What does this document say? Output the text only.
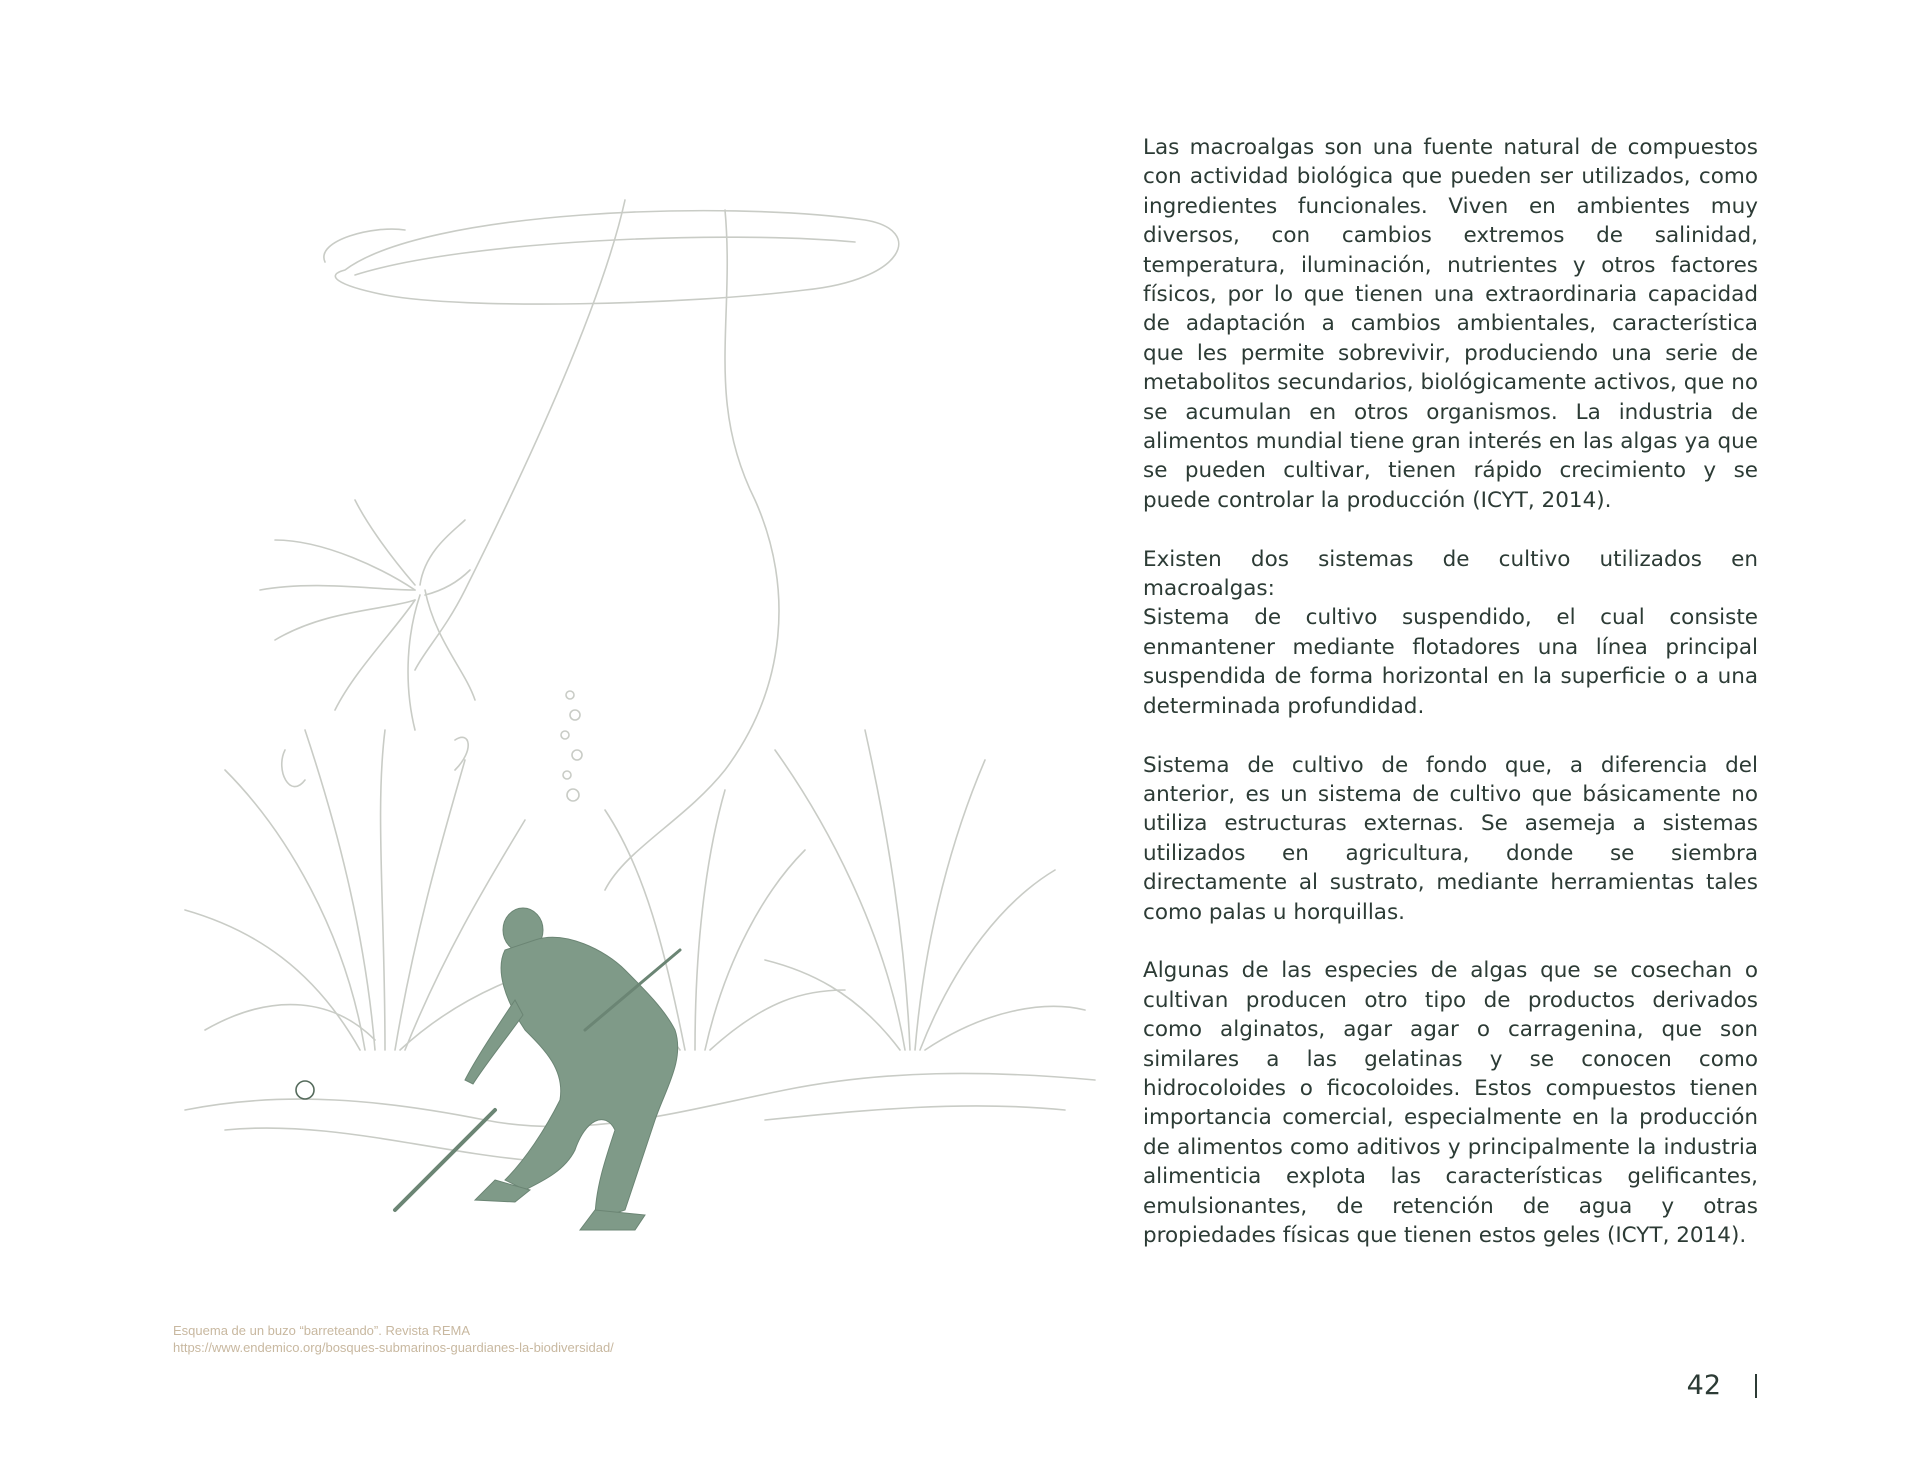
Esquema de un buzo “barreteando”. Revista REMA
https://www.endemico.org/bosques-submarinos-guardianes-la-biodiversidad/

Las macroalgas son una fuente natural de compuestos con actividad biológica que pueden ser utilizados, como ingredientes funcionales. Viven en ambientes muy diversos, con cambios extremos de salinidad, temperatura, iluminación, nutrientes y otros factores físicos, por lo que tienen una extraordinaria capacidad de adaptación a cambios ambientales, característica que les permite sobrevivir, produciendo una serie de metabolitos secundarios, biológicamente activos, que no se acumulan en otros organismos. La industria de alimentos mundial tiene gran interés en las algas ya que se pueden cultivar, tienen rápido crecimiento y se puede controlar la producción (ICYT, 2014).

Existen dos sistemas de cultivo utilizados en macroalgas:

Sistema de cultivo suspendido, el cual consiste enmantener mediante flotadores una línea principal suspendida de forma horizontal en la superficie o a una determinada profundidad.

Sistema de cultivo de fondo que, a diferencia del anterior, es un sistema de cultivo que básicamente no utiliza estructuras externas. Se asemeja a sistemas utilizados en agricultura, donde se siembra directamente al sustrato, mediante herramientas tales como palas u horquillas.

Algunas de las especies de algas que se cosechan o cultivan producen otro tipo de productos derivados como alginatos, agar agar o carragenina, que son similares a las gelatinas y se conocen como hidrocoloides o ficocoloides. Estos compuestos tienen importancia comercial, especialmente en la producción de alimentos como aditivos y principalmente la industria alimenticia explota las características gelificantes, emulsionantes, de retención de agua y otras propiedades físicas que tienen estos geles (ICYT, 2014).

42
